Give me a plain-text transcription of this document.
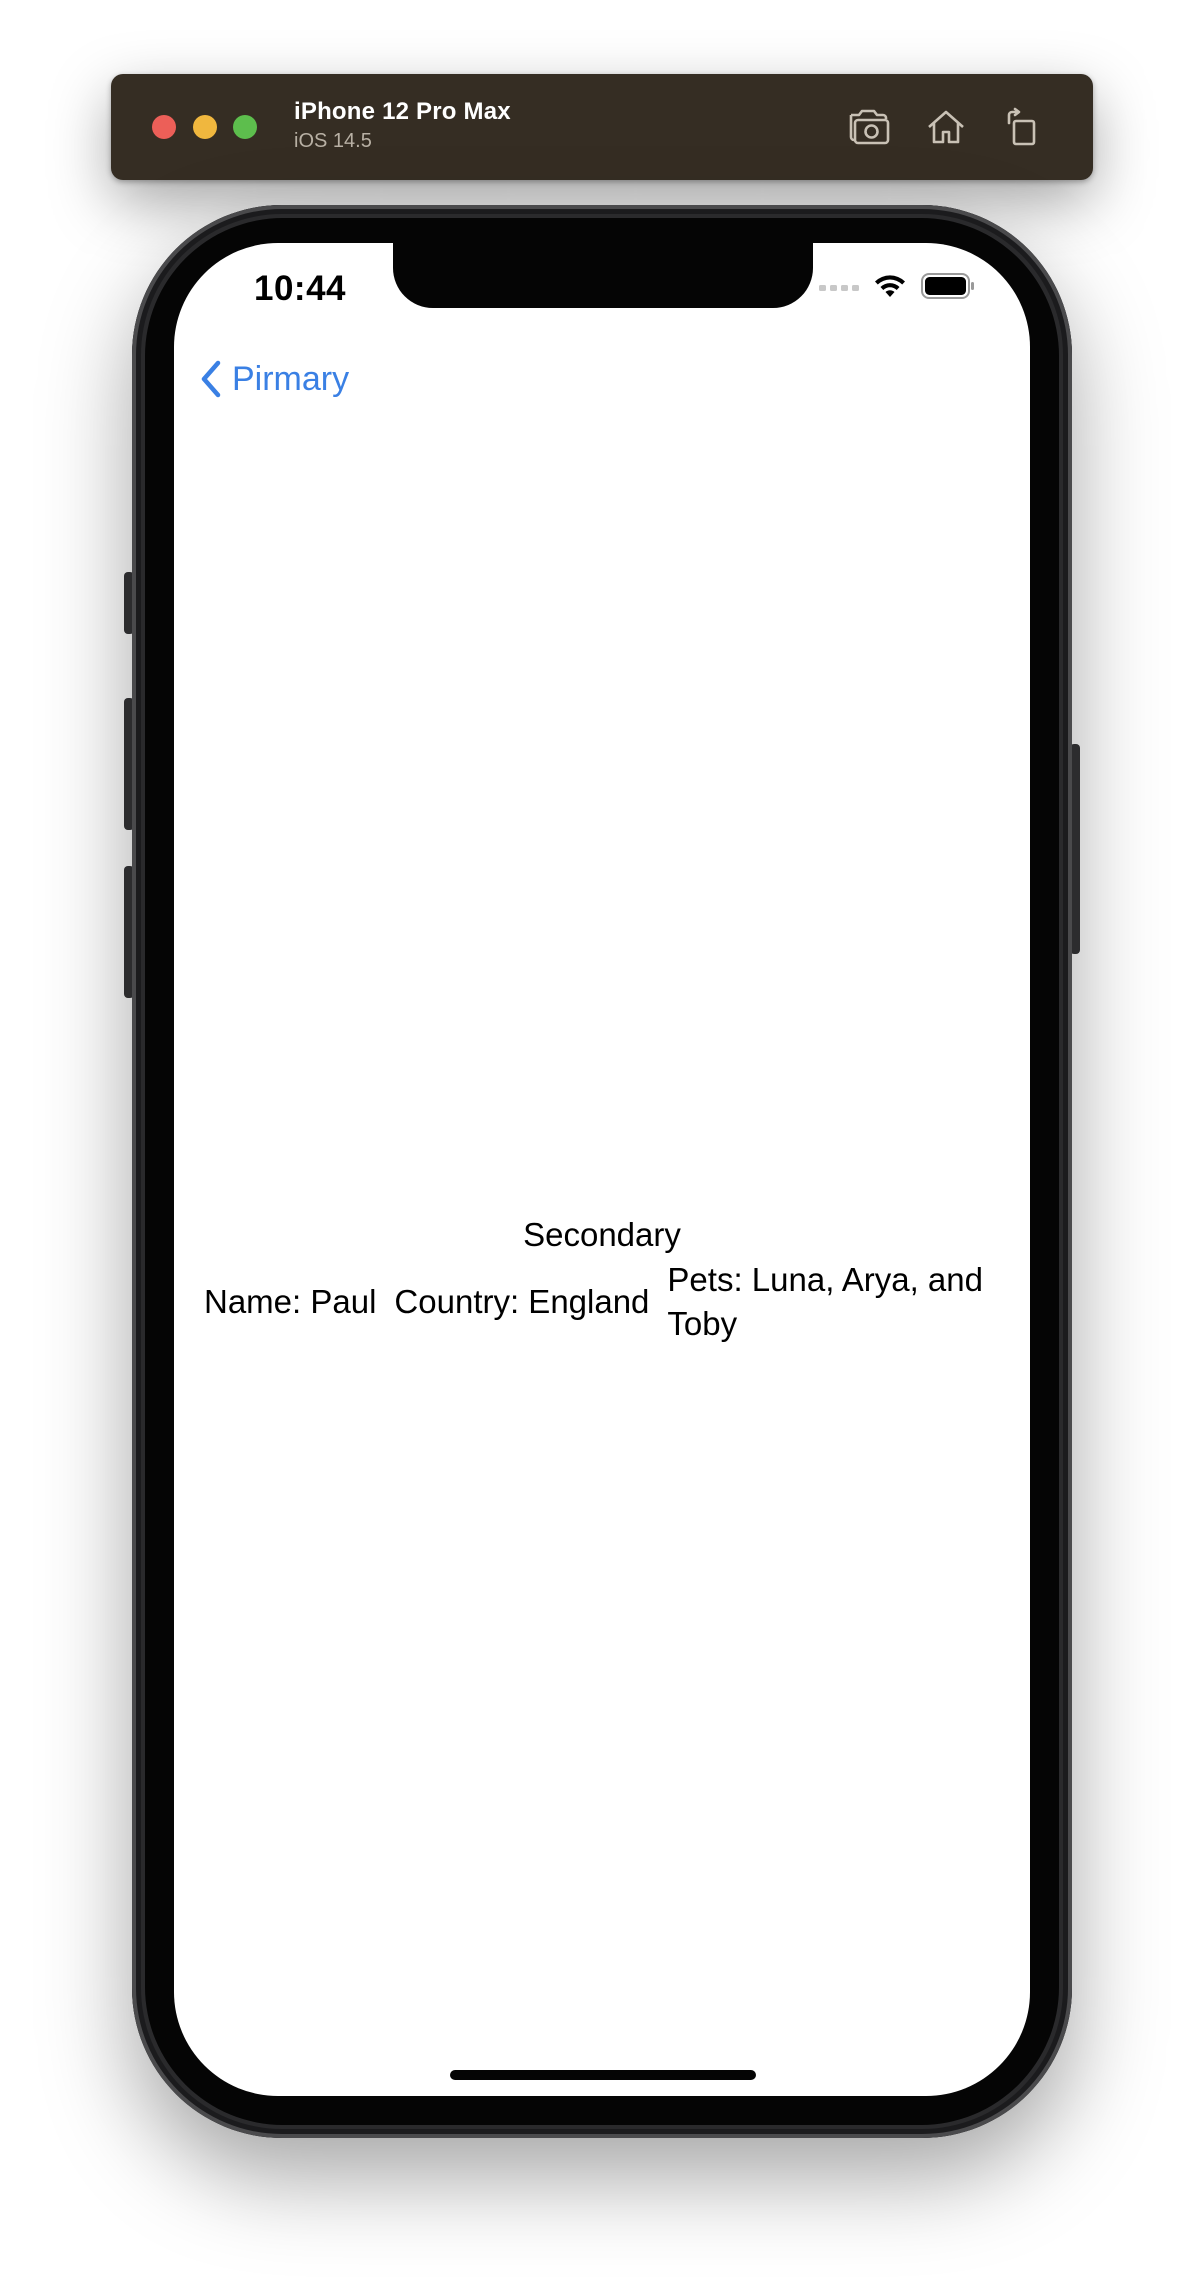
iPhone 12 Pro Max
iOS 14.5
10:44
Pirmary
Secondary
Name: Paul Country: England
Pets: Luna, Arya, and Toby
